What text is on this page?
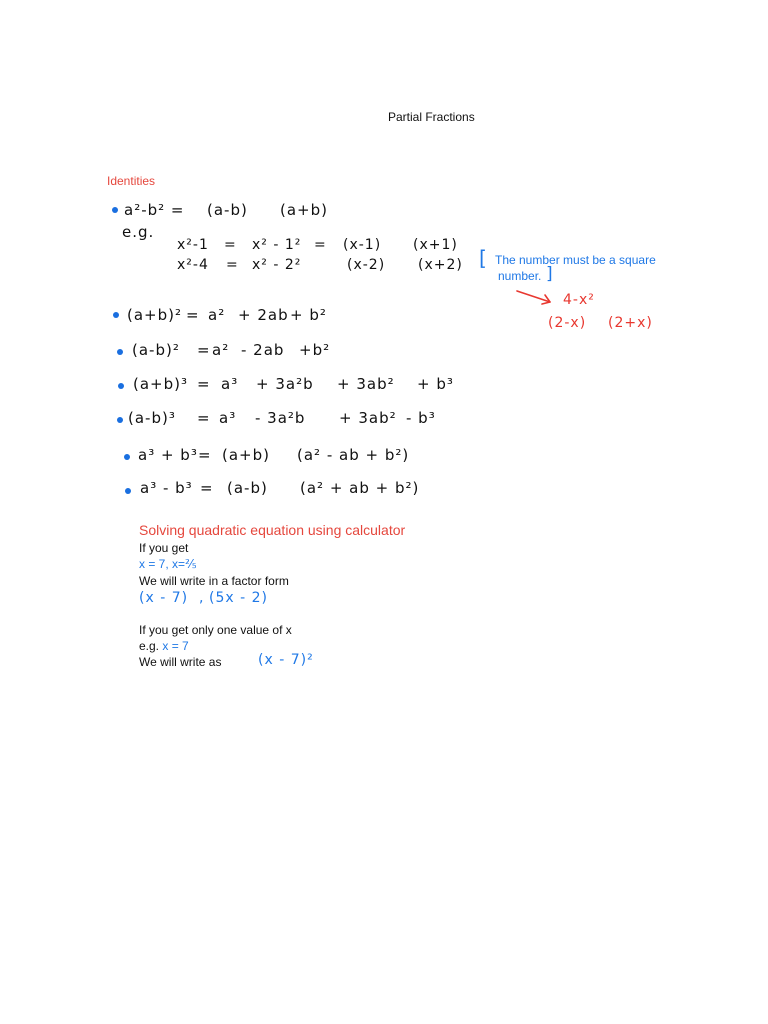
Partial Fractions
Identities
a²-b² = (a-b) (a+b)
e.g.
x²-1 = x² - 1² = (x-1) (x+1)
x²-4 = x² - 2²	(x-2) (x+2) [ The number must be a square
number. ]
4-x²
(2-x) (2+x)
(a+b)² = a² + 2ab + b²
(a-b)² = a² - 2ab +b²
(a+b)³ = a³ + 3a²b + 3ab² + b³
(a-b)³ = a³ - 3a²b + 3ab² - b³
a³ + b³ = (a+b) (a² - ab + b²)
a³ - b³ = (a-b) (a² + ab + b²)
Solving quadratic equation using calculator
If you get
x = 7, x=⅖
We will write in a factor form
(x - 7) , (5x - 2)
If you get only one value of x
e.g. x = 7
We will write as	(x - 7)²
